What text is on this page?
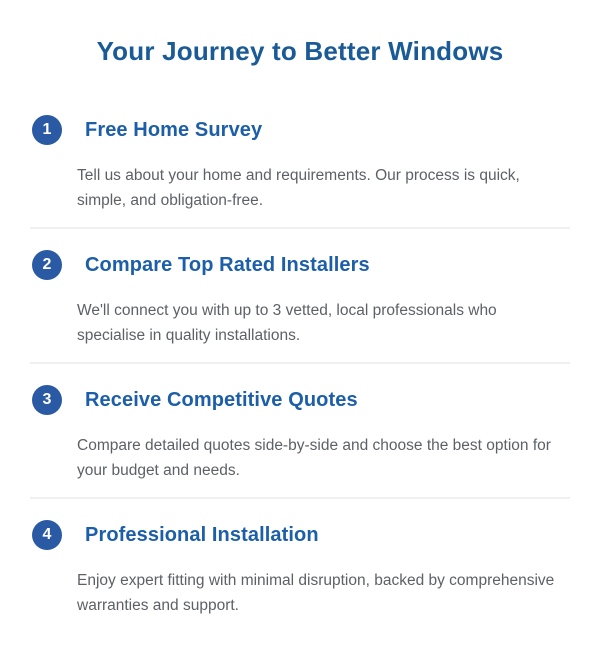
Your Journey to Better Windows
1	Free Home Survey

Tell us about your home and requirements. Our process is quick, simple, and obligation-free.

2	Compare Top Rated Installers

We'll connect you with up to 3 vetted, local professionals who specialise in quality installations.

3	Receive Competitive Quotes

Compare detailed quotes side-by-side and choose the best option for your budget and needs.

4	Professional Installation

Enjoy expert fitting with minimal disruption, backed by comprehensive warranties and support.
